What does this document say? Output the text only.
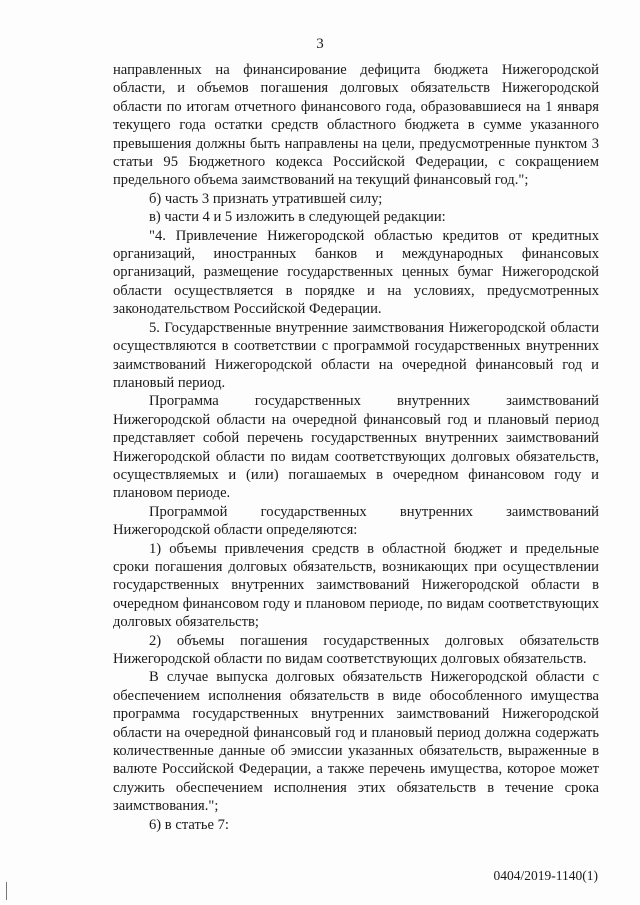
3

направленных на финансирование дефицита бюджета Нижегородской области, и объемов погашения долговых обязательств Нижегородской области по итогам отчетного финансового года, образовавшиеся на 1 января текущего года остатки средств областного бюджета в сумме указанного превышения должны быть направлены на цели, предусмотренные пунктом 3 статьи 95 Бюджетного кодекса Российской Федерации, с сокращением предельного объема заимствований на текущий финансовый год.";

б) часть 3 признать утратившей силу;

в) части 4 и 5 изложить в следующей редакции:

"4. Привлечение Нижегородской областью кредитов от кредитных организаций, иностранных банков и международных финансовых организаций, размещение государственных ценных бумаг Нижегородской области осуществляется в порядке и на условиях, предусмотренных законодательством Российской Федерации.

5. Государственные внутренние заимствования Нижегородской области осуществляются в соответствии с программой государственных внутренних заимствований Нижегородской области на очередной финансовый год и плановый период.

Программа государственных внутренних заимствований Нижегородской области на очередной финансовый год и плановый период представляет собой перечень государственных внутренних заимствований Нижегородской области по видам соответствующих долговых обязательств, осуществляемых и (или) погашаемых в очередном финансовом году и плановом периоде.

Программой государственных внутренних заимствований Нижегородской области определяются:

1) объемы привлечения средств в областной бюджет и предельные сроки погашения долговых обязательств, возникающих при осуществлении государственных внутренних заимствований Нижегородской области в очередном финансовом году и плановом периоде, по видам соответствующих долговых обязательств;

2) объемы погашения государственных долговых обязательств Нижегородской области по видам соответствующих долговых обязательств.

В случае выпуска долговых обязательств Нижегородской области с обеспечением исполнения обязательств в виде обособленного имущества программа государственных внутренних заимствований Нижегородской области на очередной финансовый год и плановый период должна содержать количественные данные об эмиссии указанных обязательств, выраженные в валюте Российской Федерации, а также перечень имущества, которое может служить обеспечением исполнения этих обязательств в течение срока заимствования.";

6) в статье 7:

0404/2019-1140(1)
